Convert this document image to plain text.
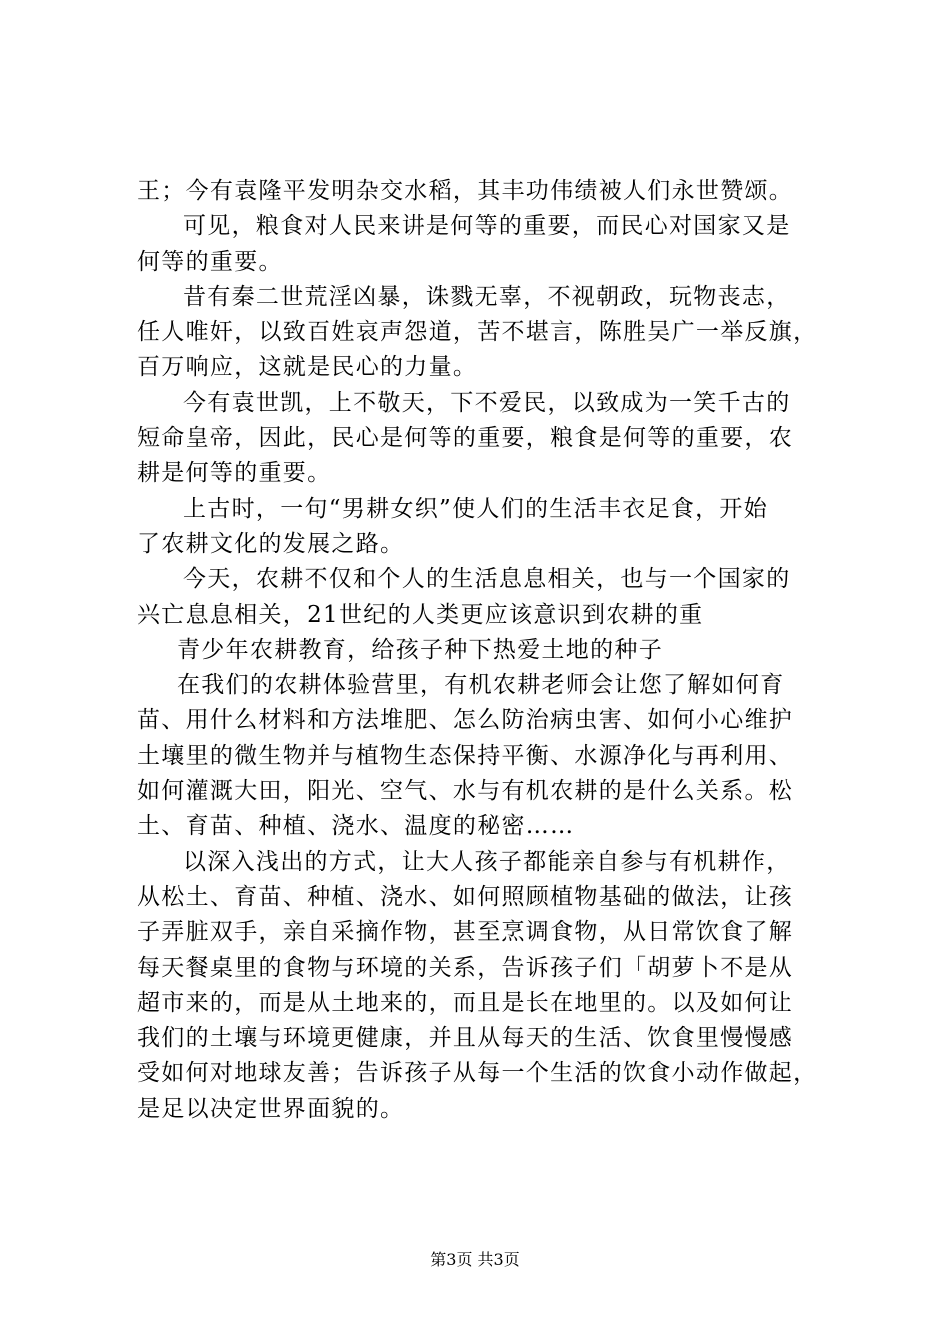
王；今有袁隆平发明杂交水稻，其丰功伟绩被人们永世赞颂。
可见，粮食对人民来讲是何等的重要，而民心对国家又是
何等的重要。
昔有秦二世荒淫凶暴，诛戮无辜，不视朝政，玩物丧志，
任人唯奸，以致百姓哀声怨道，苦不堪言，陈胜吴广一举反旗，
百万响应，这就是民心的力量。
今有袁世凯，上不敬天，下不爱民，以致成为一笑千古的
短命皇帝，因此，民心是何等的重要，粮食是何等的重要，农
耕是何等的重要。
上古时，一句“男耕女织”使人们的生活丰衣足食，开始
了农耕文化的发展之路。
今天，农耕不仅和个人的生活息息相关，也与一个国家的
兴亡息息相关，21世纪的人类更应该意识到农耕的重
青少年农耕教育，给孩子种下热爱土地的种子
在我们的农耕体验营里，有机农耕老师会让您了解如何育
苗、用什么材料和方法堆肥、怎么防治病虫害、如何小心维护
土壤里的微生物并与植物生态保持平衡、水源净化与再利用、
如何灌溉大田，阳光、空气、水与有机农耕的是什么关系。松
土、育苗、种植、浇水、温度的秘密……
以深入浅出的方式，让大人孩子都能亲自参与有机耕作，
从松土、育苗、种植、浇水、如何照顾植物基础的做法，让孩
子弄脏双手，亲自采摘作物，甚至烹调食物，从日常饮食了解
每天餐桌里的食物与环境的关系，告诉孩子们「胡萝卜不是从
超市来的，而是从土地来的，而且是长在地里的。以及如何让
我们的土壤与环境更健康，并且从每天的生活、饮食里慢慢感
受如何对地球友善；告诉孩子从每一个生活的饮食小动作做起，
是足以决定世界面貌的。
第3页 共3页
